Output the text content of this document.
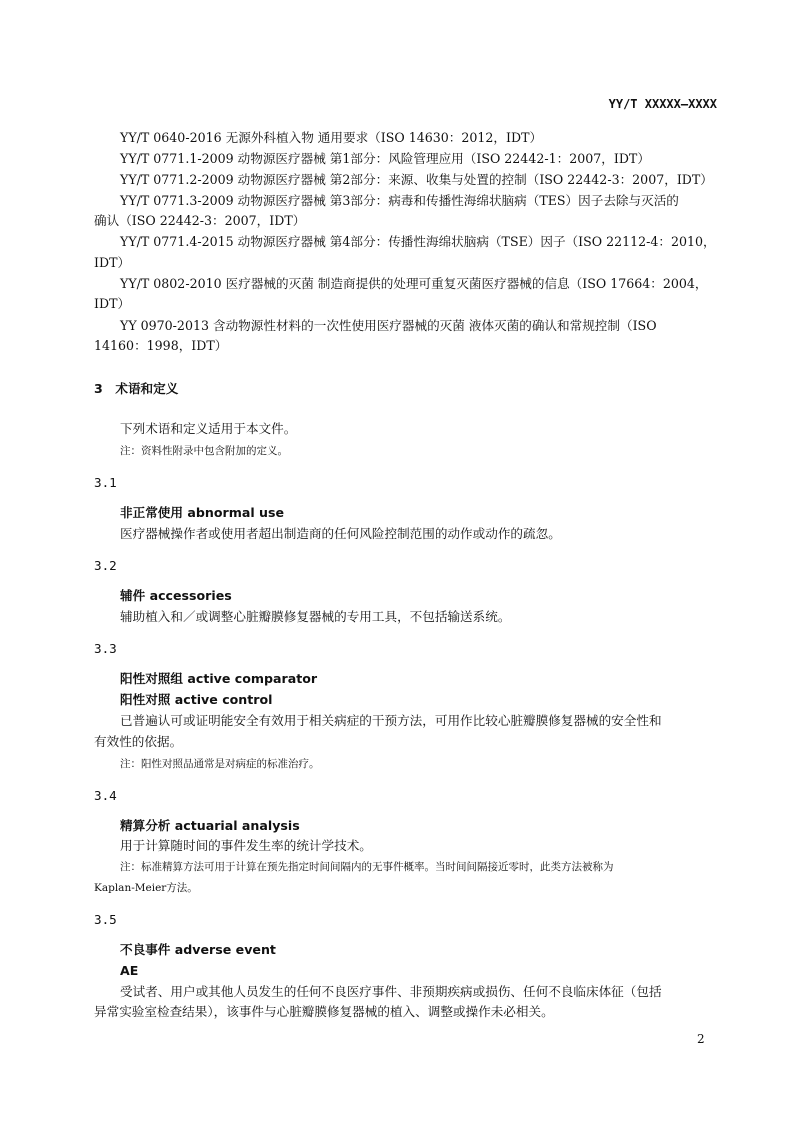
YY/T XXXXX—XXXX
YY/T 0640-2016 无源外科植入物 通用要求（ISO 14630：2012，IDT）
YY/T 0771.1-2009 动物源医疗器械 第1部分：风险管理应用（ISO 22442-1：2007，IDT）
YY/T 0771.2-2009 动物源医疗器械 第2部分：来源、收集与处置的控制（ISO 22442-3：2007，IDT）
YY/T 0771.3-2009 动物源医疗器械 第3部分：病毒和传播性海绵状脑病（TES）因子去除与灭活的
确认（ISO 22442-3：2007，IDT）
YY/T 0771.4-2015 动物源医疗器械 第4部分：传播性海绵状脑病（TSE）因子（ISO 22112-4：2010，
IDT）
YY/T 0802-2010 医疗器械的灭菌 制造商提供的处理可重复灭菌医疗器械的信息（ISO 17664：2004，
IDT）
YY 0970-2013 含动物源性材料的一次性使用医疗器械的灭菌 液体灭菌的确认和常规控制（ISO
14160：1998，IDT）
3　术语和定义
下列术语和定义适用于本文件。
注：资料性附录中包含附加的定义。
3.1
非正常使用 abnormal use
医疗器械操作者或使用者超出制造商的任何风险控制范围的动作或动作的疏忽。
3.2
辅件 accessories
辅助植入和／或调整心脏瓣膜修复器械的专用工具，不包括输送系统。
3.3
阳性对照组 active comparator
阳性对照 active control
已普遍认可或证明能安全有效用于相关病症的干预方法，可用作比较心脏瓣膜修复器械的安全性和
有效性的依据。
注：阳性对照品通常是对病症的标准治疗。
3.4
精算分析 actuarial analysis
用于计算随时间的事件发生率的统计学技术。
注：标准精算方法可用于计算在预先指定时间间隔内的无事件概率。当时间间隔接近零时，此类方法被称为
Kaplan-Meier方法。
3.5
不良事件 adverse event
AE
受试者、用户或其他人员发生的任何不良医疗事件、非预期疾病或损伤、任何不良临床体征（包括
异常实验室检查结果），该事件与心脏瓣膜修复器械的植入、调整或操作未必相关。
2
